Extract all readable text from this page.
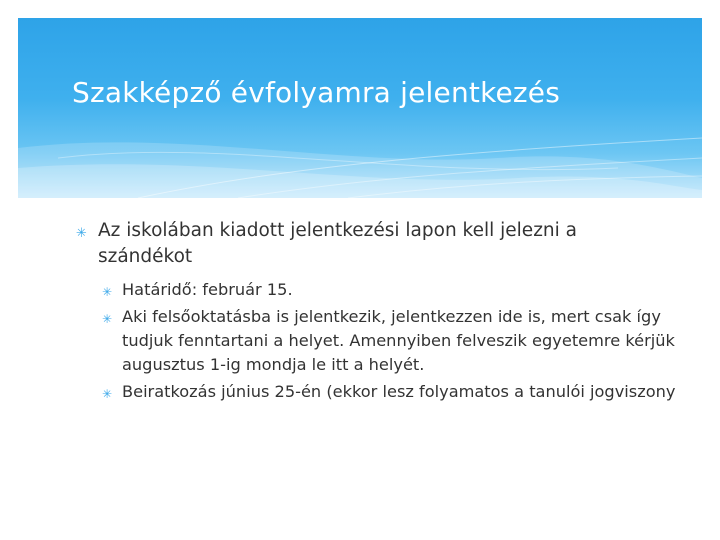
Szakképző évfolyamra jelentkezés
✳ Az iskolában kiadott jelentkezési lapon kell jelezni a szándékot
✳ Határidő: február 15.
✳ Aki felsőoktatásba is jelentkezik, jelentkezzen ide is, mert csak így tudjuk fenntartani a helyet. Amennyiben felveszik egyetemre kérjük augusztus 1-ig mondja le itt a helyét.
✳ Beiratkozás június 25-én (ekkor lesz folyamatos a tanulói jogviszony
